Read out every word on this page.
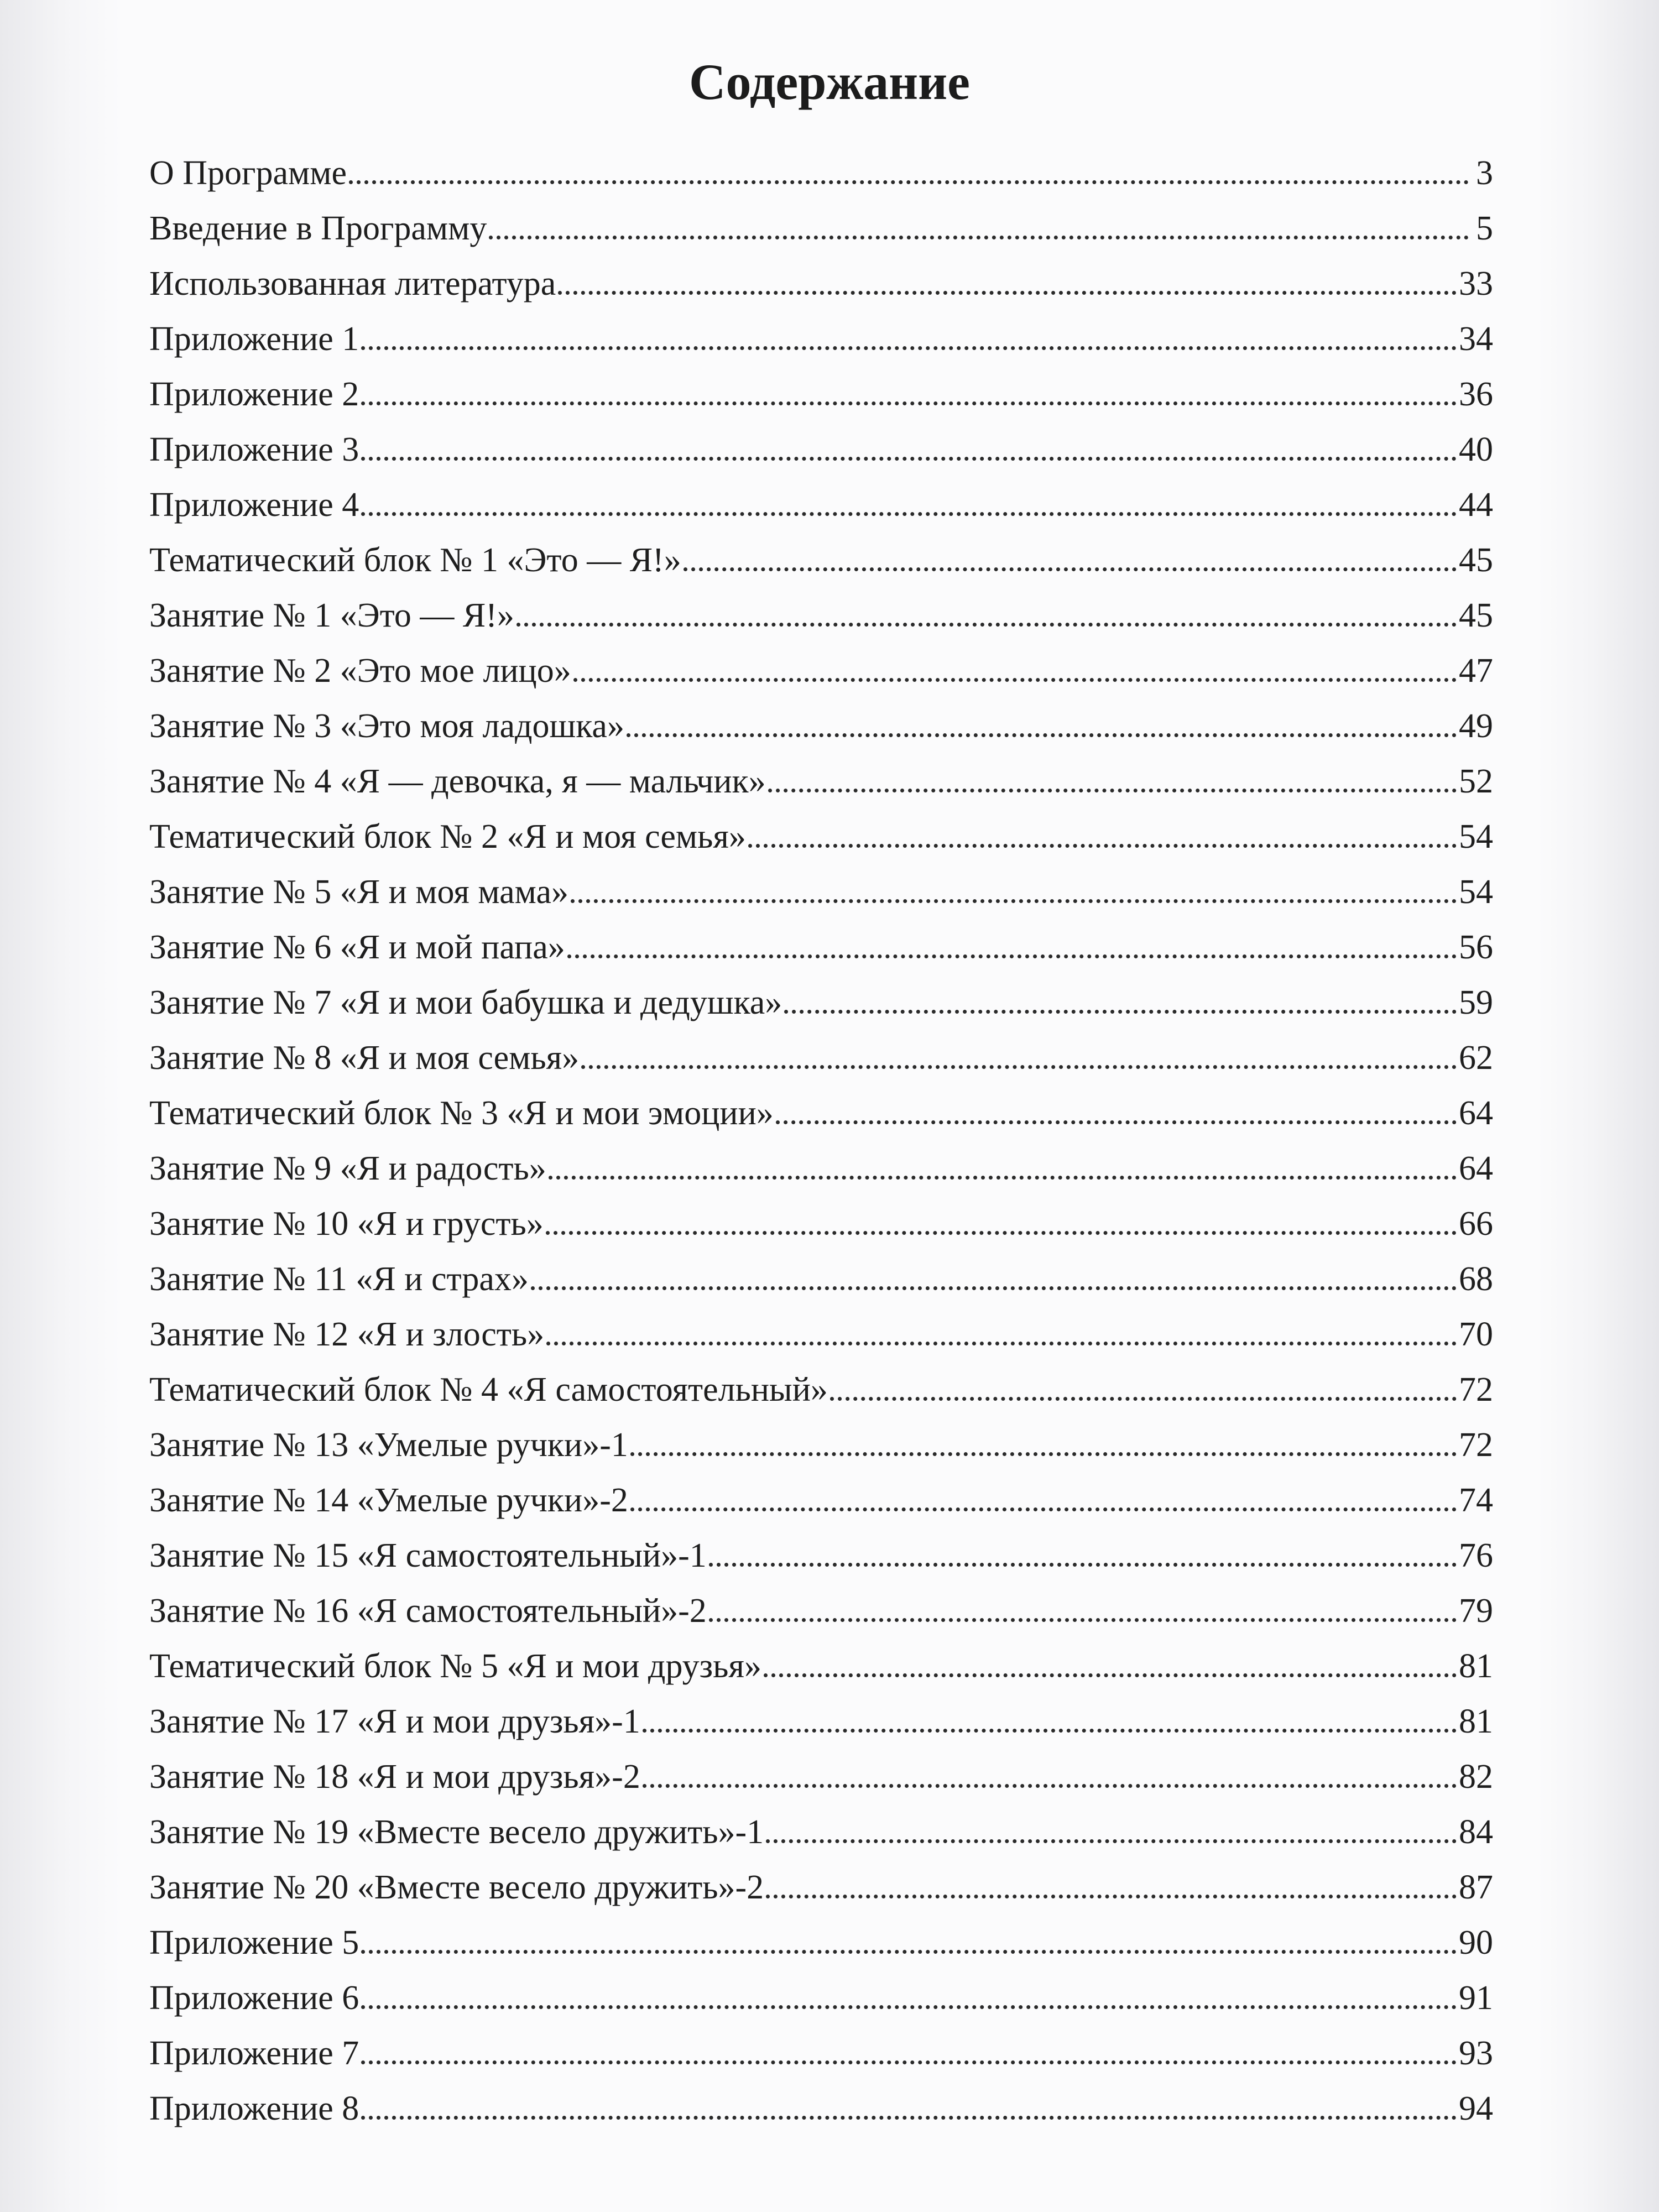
Содержание
О Программе	3
Введение в Программу	5
Использованная литература	33
Приложение 1	34
Приложение 2	36
Приложение 3	40
Приложение 4	44
Тематический блок № 1 «Это — Я!»	45
Занятие № 1 «Это — Я!»	45
Занятие № 2 «Это мое лицо»	47
Занятие № 3 «Это моя ладошка»	49
Занятие № 4 «Я — девочка, я — мальчик»	52
Тематический блок № 2 «Я и моя семья»	54
Занятие № 5 «Я и моя мама»	54
Занятие № 6 «Я и мой папа»	56
Занятие № 7 «Я и мои бабушка и дедушка»	59
Занятие № 8 «Я и моя семья»	62
Тематический блок № 3 «Я и мои эмоции»	64
Занятие № 9 «Я и радость»	64
Занятие № 10 «Я и грусть»	66
Занятие № 11 «Я и страх»	68
Занятие № 12 «Я и злость»	70
Тематический блок № 4 «Я самостоятельный»	72
Занятие № 13 «Умелые ручки»-1	72
Занятие № 14 «Умелые ручки»-2	74
Занятие № 15 «Я самостоятельный»-1	76
Занятие № 16 «Я самостоятельный»-2	79
Тематический блок № 5 «Я и мои друзья»	81
Занятие № 17 «Я и мои друзья»-1	81
Занятие № 18 «Я и мои друзья»-2	82
Занятие № 19 «Вместе весело дружить»-1	84
Занятие № 20 «Вместе весело дружить»-2	87
Приложение 5	90
Приложение 6	91
Приложение 7	93
Приложение 8	94
